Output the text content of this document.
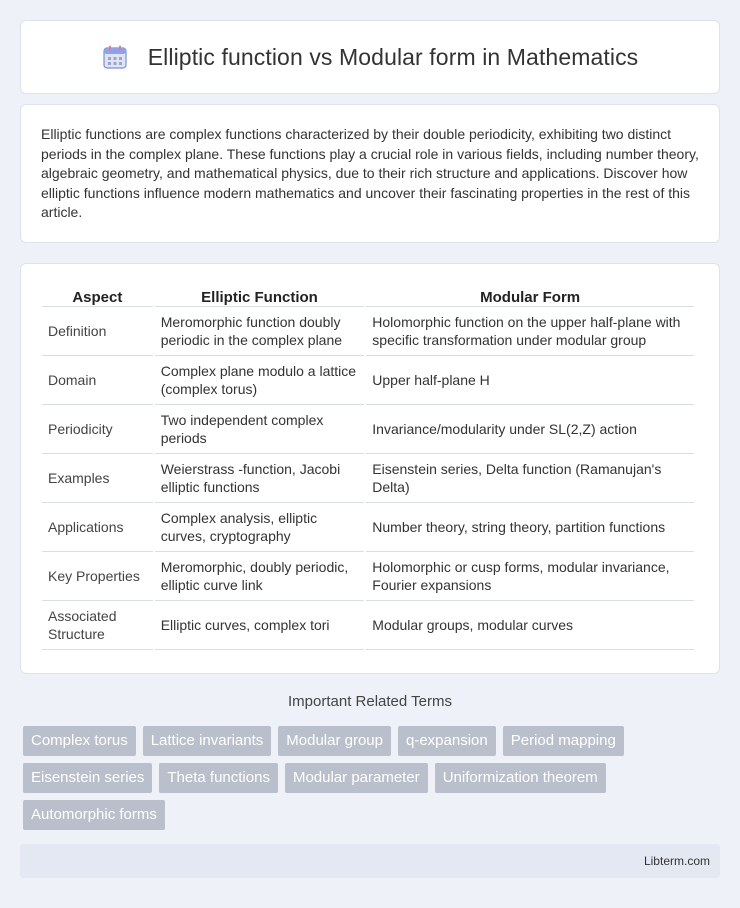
Elliptic function vs Modular form in Mathematics

Elliptic functions are complex functions characterized by their double periodicity, exhibiting two distinct periods in the complex plane. These functions play a crucial role in various fields, including number theory, algebraic geometry, and mathematical physics, due to their rich structure and applications. Discover how elliptic functions influence modern mathematics and uncover their fascinating properties in the rest of this article.

Aspect	Elliptic Function	Modular Form
Definition	Meromorphic function doubly periodic in the complex plane	Holomorphic function on the upper half-plane with specific transformation under modular group
Domain	Complex plane modulo a lattice (complex torus)	Upper half-plane H
Periodicity	Two independent complex periods	Invariance/modularity under SL(2,Z) action
Examples	Weierstrass -function, Jacobi elliptic functions	Eisenstein series, Delta function (Ramanujan's Delta)
Applications	Complex analysis, elliptic curves, cryptography	Number theory, string theory, partition functions
Key Properties	Meromorphic, doubly periodic, elliptic curve link	Holomorphic or cusp forms, modular invariance, Fourier expansions
Associated Structure	Elliptic curves, complex tori	Modular groups, modular curves
Important Related Terms
Complex torus	Lattice invariants	Modular group	q-expansion	Period mapping
Eisenstein series	Theta functions	Modular parameter	Uniformization theorem
Automorphic forms
Libterm.com
